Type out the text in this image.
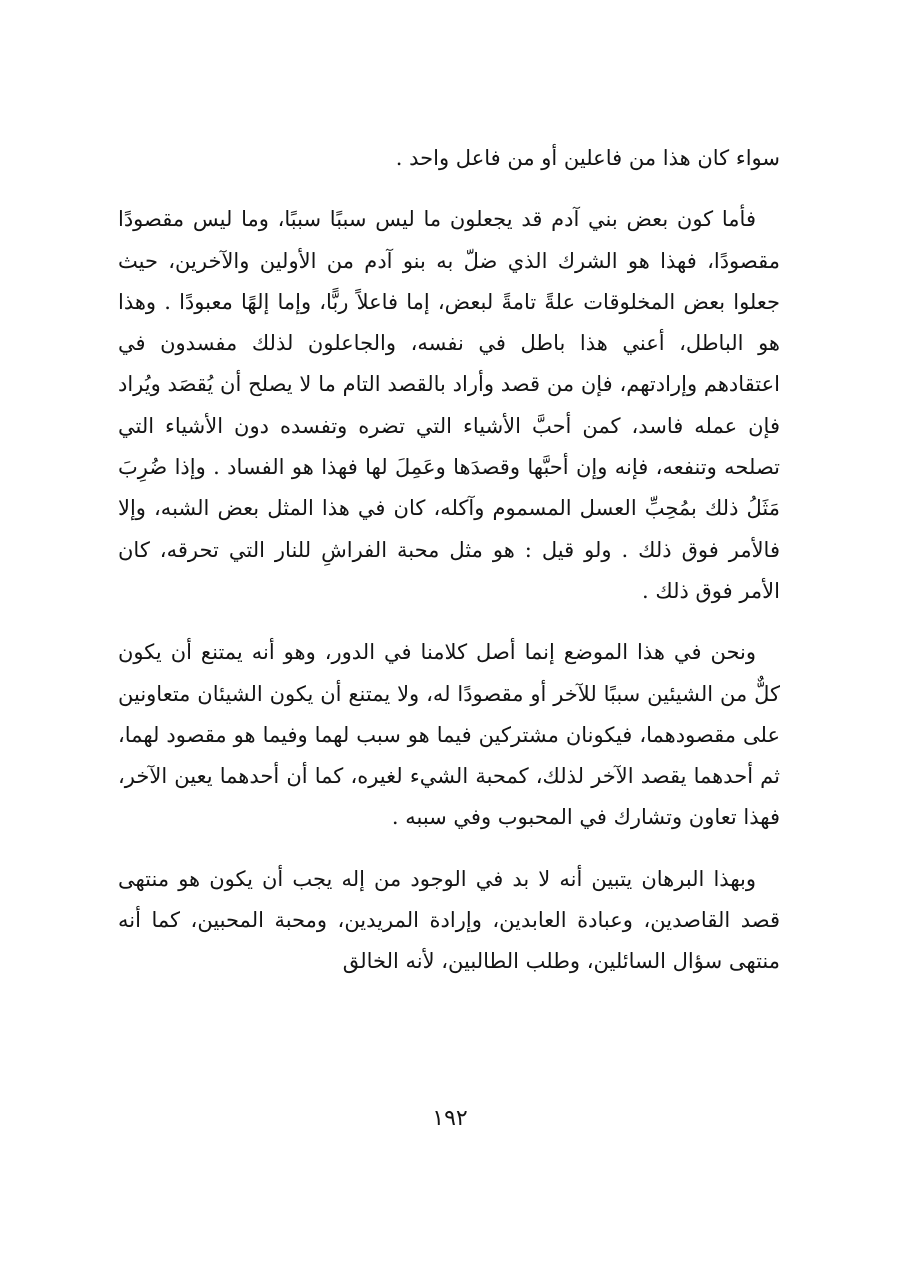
سواء كان هذا من فاعلين أو من فاعل واحد .

فأما كون بعض بني آدم قد يجعلون ما ليس سببًا سببًا، وما ليس مقصودًا مقصودًا، فهذا هو الشرك الذي ضلّ به بنو آدم من الأولين والآخرين، حيث جعلوا بعض المخلوقات علةً تامةً لبعض، إما فاعلاً ربًّا، وإما إلهًا معبودًا . وهذا هو الباطل، أعني هذا باطل في نفسه، والجاعلون لذلك مفسدون في اعتقادهم وإرادتهم، فإن من قصد وأراد بالقصد التام ما لا يصلح أن يُقصَد ويُراد فإن عمله فاسد، كمن أحبَّ الأشياء التي تضره وتفسده دون الأشياء التي تصلحه وتنفعه، فإنه وإن أحبَّها وقصدَها وعَمِلَ لها فهذا هو الفساد . وإذا ضُرِبَ مَثَلُ ذلك بمُحِبِّ العسل المسموم وآكله، كان في هذا المثل بعض الشبه، وإلا فالأمر فوق ذلك . ولو قيل : هو مثل محبة الفراشِ للنار التي تحرقه، كان الأمر فوق ذلك .

ونحن في هذا الموضع إنما أصل كلامنا في الدور، وهو أنه يمتنع أن يكون كلٌّ من الشيئين سببًا للآخر أو مقصودًا له، ولا يمتنع أن يكون الشيئان متعاونين على مقصودهما، فيكونان مشتركين فيما هو سبب لهما وفيما هو مقصود لهما، ثم أحدهما يقصد الآخر لذلك، كمحبة الشيء لغيره، كما أن أحدهما يعين الآخر، فهذا تعاون وتشارك في المحبوب وفي سببه .

وبهذا البرهان يتبين أنه لا بد في الوجود من إله يجب أن يكون هو منتهى قصد القاصدين، وعبادة العابدين، وإرادة المريدين، ومحبة المحبين، كما أنه منتهى سؤال السائلين، وطلب الطالبين، لأنه الخالق

١٩٢
